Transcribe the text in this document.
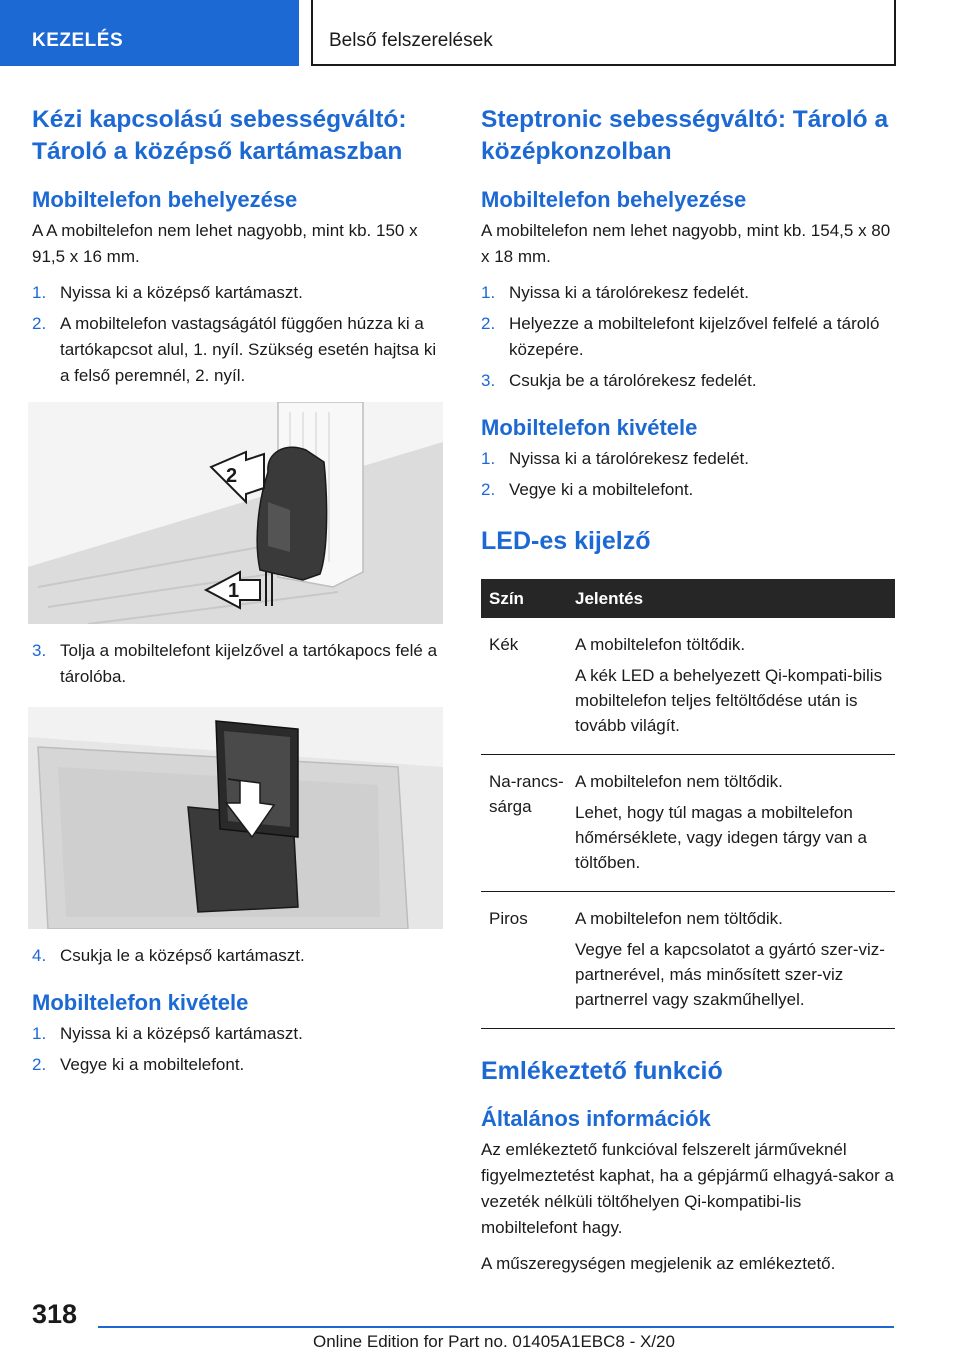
KEZELÉS	Belső felszerelések
Kézi kapcsolású sebességváltó: Tároló a középső kartámaszban
Mobiltelefon behelyezése

A A mobiltelefon nem lehet nagyobb, mint kb. 150 x 91,5 x 16 mm.

1. Nyissa ki a középső kartámaszt.
2. A mobiltelefon vastagságától függően húzza ki a tartókapcsot alul, 1. nyíl. Szükség esetén hajtsa ki a felső peremnél, 2. nyíl.
2
1
3. Tolja a mobiltelefont kijelzővel a tartókapocs felé a tárolóba.
4. Csukja le a középső kartámaszt.
Mobiltelefon kivétele
1. Nyissa ki a középső kartámaszt.
2. Vegye ki a mobiltelefont.
Steptronic sebességváltó: Tároló a középkonzolban
Mobiltelefon behelyezése

A mobiltelefon nem lehet nagyobb, mint kb. 154,5 x 80 x 18 mm.

1. Nyissa ki a tárolórekesz fedelét.
2. Helyezze a mobiltelefont kijelzővel felfelé a tároló közepére.
3. Csukja be a tárolórekesz fedelét.
Mobiltelefon kivétele
1. Nyissa ki a tárolórekesz fedelét.
2. Vegye ki a mobiltelefont.
LED-es kijelző
Szín	Jelentés
Kék	A mobiltelefon töltődik.

A kék LED a behelyezett Qi-kompati-bilis mobiltelefon teljes feltöltődése után is tovább világít.

Na-rancs-sárga	A mobiltelefon nem töltődik.

Lehet, hogy túl magas a mobiltelefon hőmérséklete, vagy idegen tárgy van a töltőben.

Piros	A mobiltelefon nem töltődik.

Vegye fel a kapcsolatot a gyártó szer-viz-partnerével, más minősített szer-viz partnerrel vagy szakműhellyel.

Emlékeztető funkció
Általános információk

Az emlékeztető funkcióval felszerelt járműveknél figyelmeztetést kaphat, ha a gépjármű elhagyá-sakor a vezeték nélküli töltőhelyen Qi-kompatibi-lis mobiltelefont hagy.

A műszeregységen megjelenik az emlékeztető.

318
Online Edition for Part no. 01405A1EBC8 - X/20
